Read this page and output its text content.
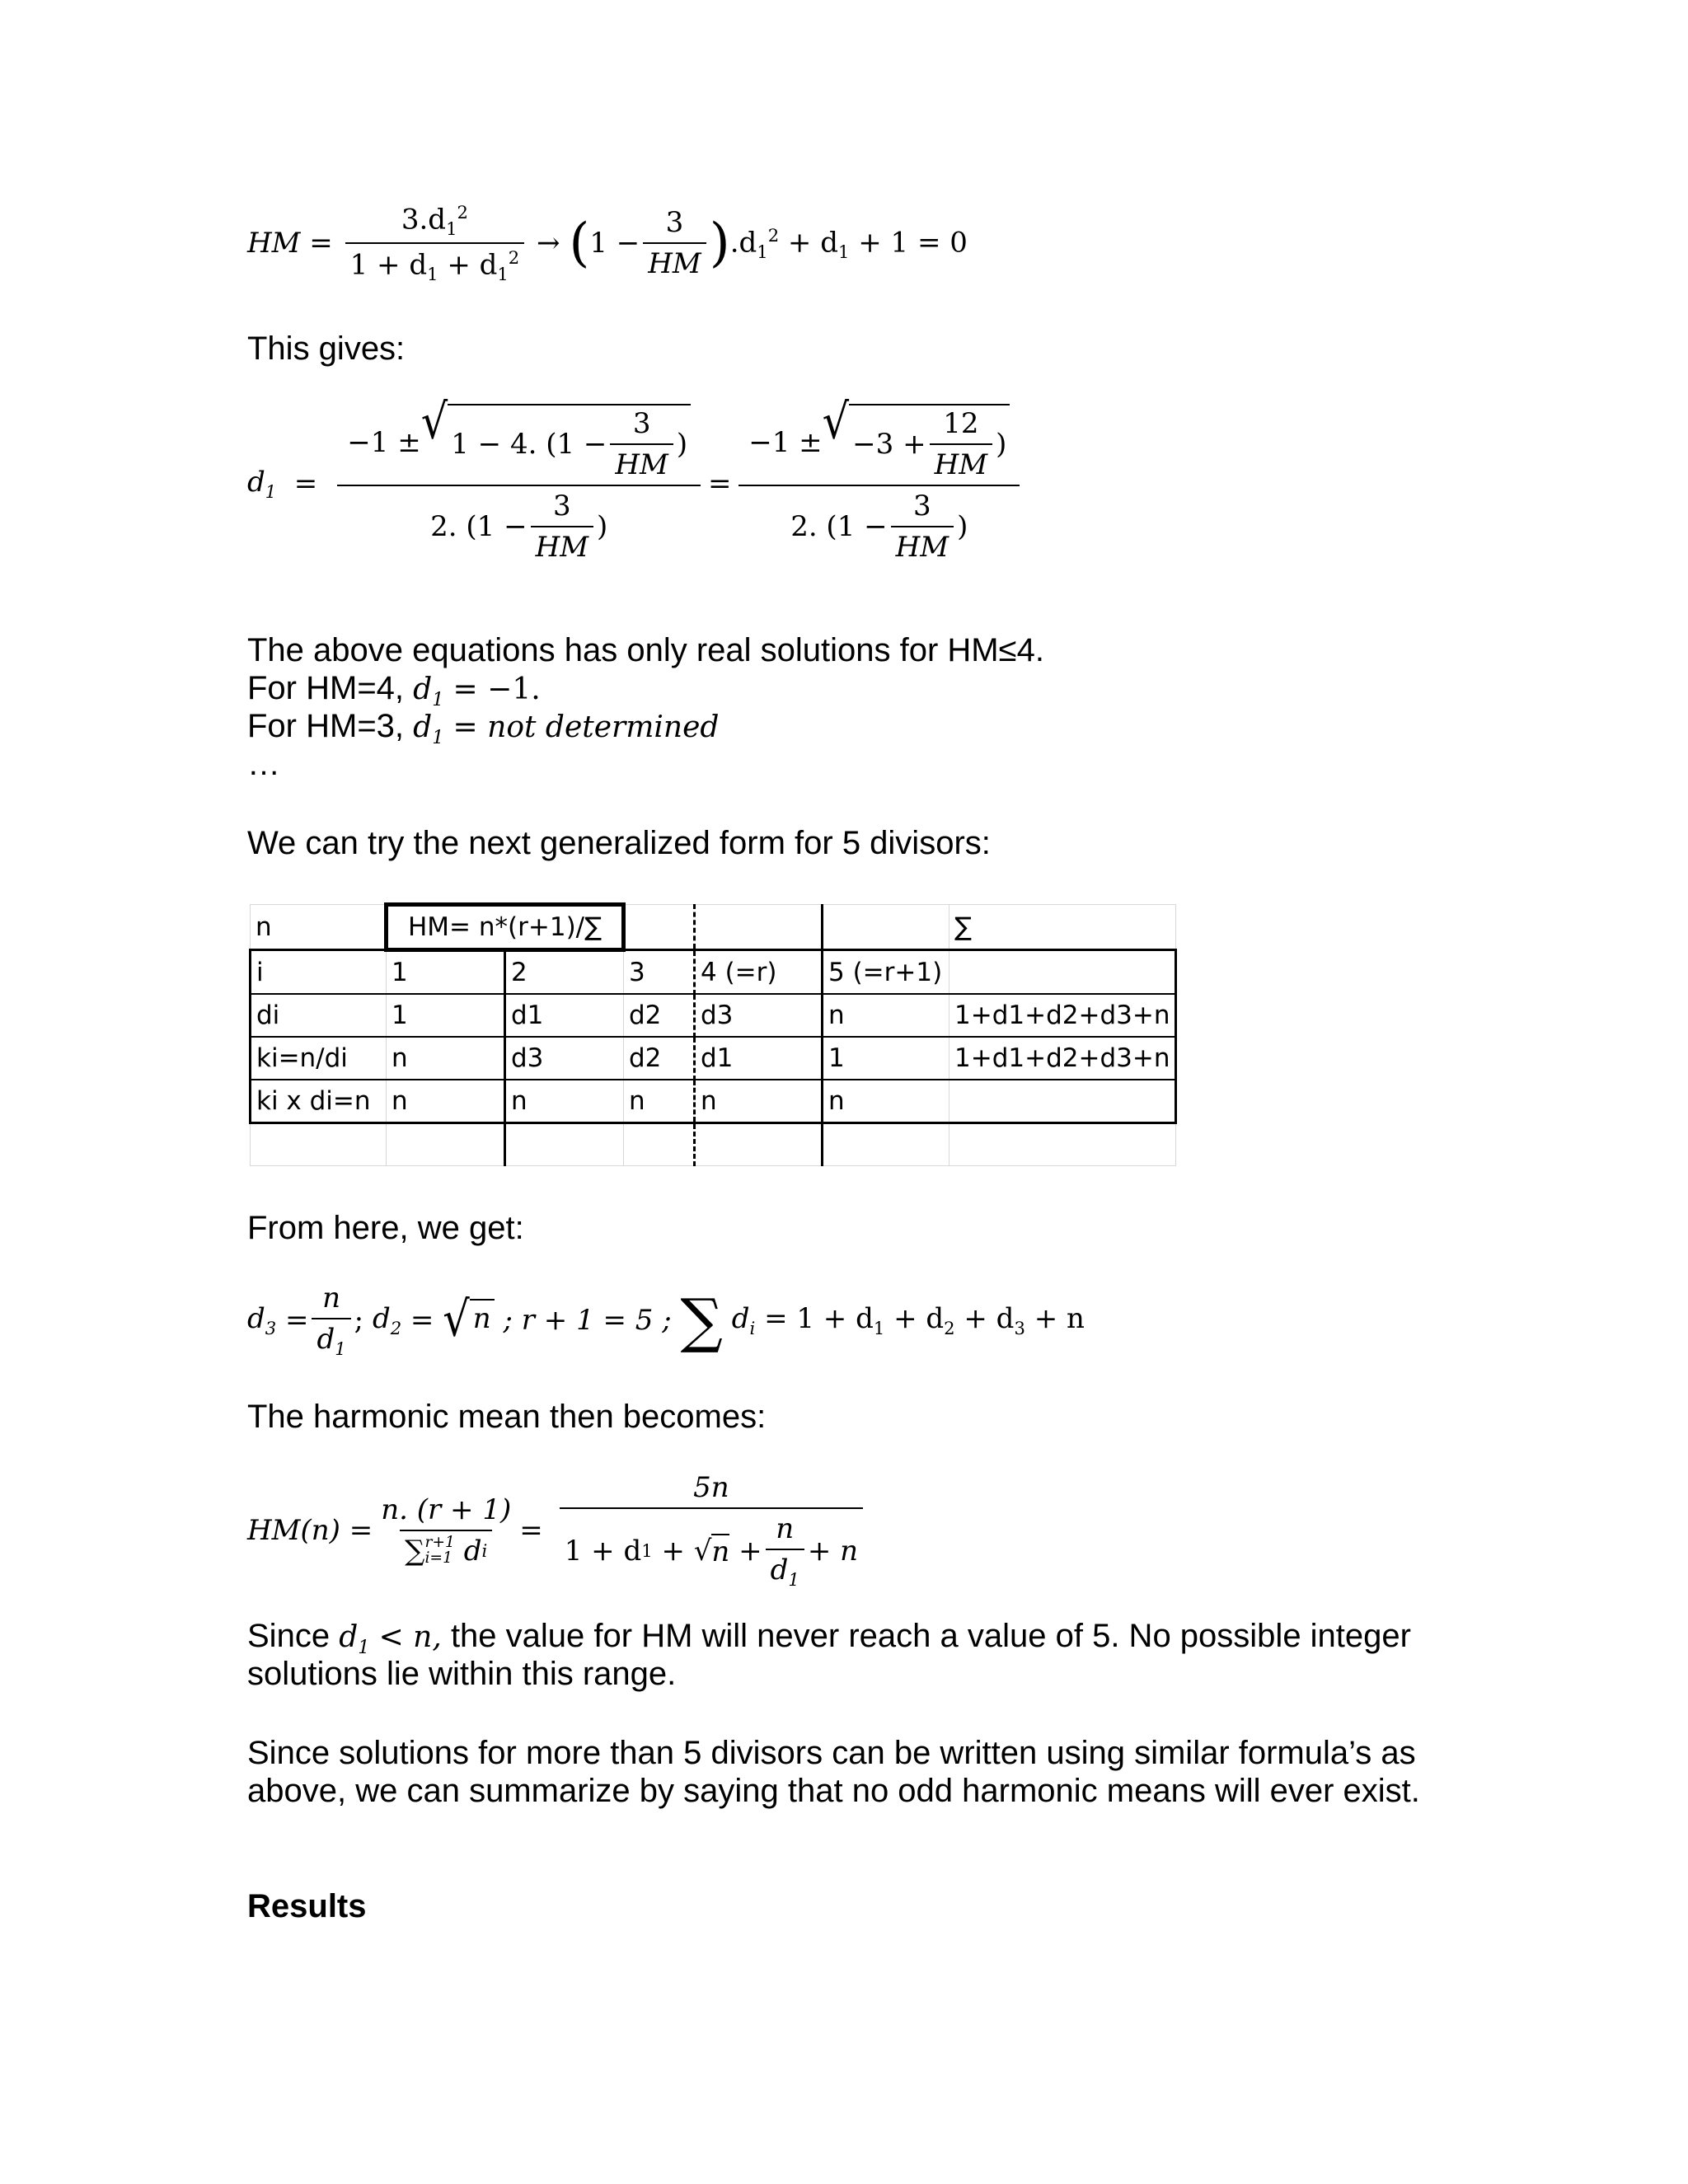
HM = $\frac{3.d_1^2}{1 + d_1 + d_1^2}$
→
( $1 - \frac{3}{HM}$ ) $.d_1^2 + d_1 + 1 = 0$
This gives:
$d_1 = \frac{-1 \pm √ 1 - 4. (1 - \frac{3}{HM} )}{2. (1 - \frac{3}{HM} )} = \frac{-1 \pm √ -3 + \frac{12}{HM} )}{2. (1 - \frac{3}{HM} )}$
The above equations has only real solutions for HM≤4.
For HM=4, $d_1 = -1$.
For HM=3, $d_1$ = not determined
…
We can try the next generalized form for 5 divisors:
n	HM= n*(r+1)/∑					∑
i	1	2	3	4 (=r)	5 (=r+1)	
di	1	d1	d2	d3	n	1+d1+d2+d3+n
ki=n/di	n	d3	d2	d1	1	1+d1+d2+d3+n
ki x di=n	n	n	n	n	n	

From here, we get:
$d_3 = \frac{n}{d_1}$ ; $d_2$ = √ n
; r + 1 = 5 ;
∑
$d_i$
= $1 + d_1 + d_2 + d_3 + n$
The harmonic mean then becomes:
HM(n) = n. (r + 1)
∑ r+1
i=1
d i = 5n
1 + d 1
+ √ n
+ $\frac{n}{d_1} + n$
Since $d_1 < n$, the value for HM will never reach a value of 5. No possible integer
solutions lie within this range.
Since solutions for more than 5 divisors can be written using similar formula’s as
above, we can summarize by saying that no odd harmonic means will ever exist.
Results
